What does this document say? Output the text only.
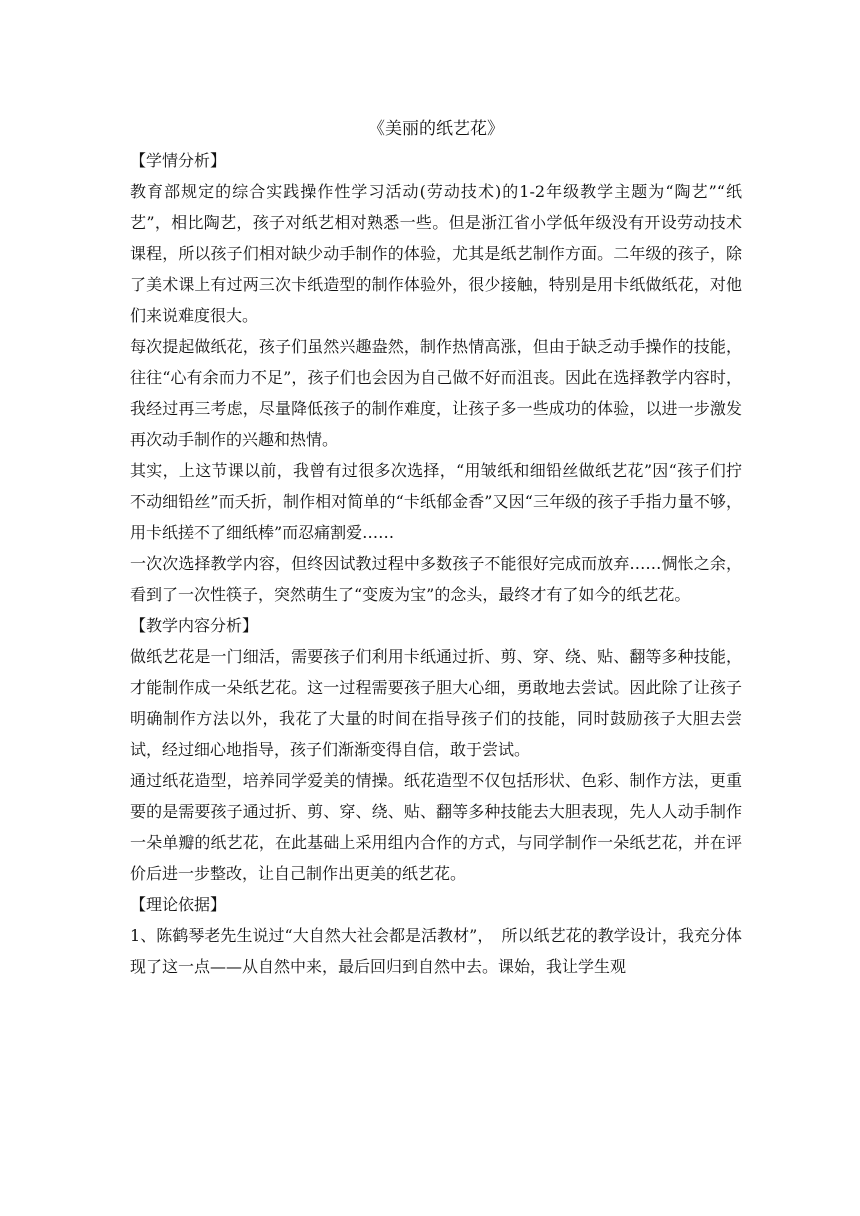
《美丽的纸艺花》

【学情分析】

教育部规定的综合实践操作性学习活动(劳动技术)的1-2年级教学主题为“陶艺”“纸艺”，相比陶艺，孩子对纸艺相对熟悉一些。但是浙江省小学低年级没有开设劳动技术课程，所以孩子们相对缺少动手制作的体验，尤其是纸艺制作方面。二年级的孩子，除了美术课上有过两三次卡纸造型的制作体验外，很少接触，特别是用卡纸做纸花，对他们来说难度很大。

每次提起做纸花，孩子们虽然兴趣盎然，制作热情高涨，但由于缺乏动手操作的技能，往往“心有余而力不足”，孩子们也会因为自己做不好而沮丧。因此在选择教学内容时，我经过再三考虑，尽量降低孩子的制作难度，让孩子多一些成功的体验，以进一步激发再次动手制作的兴趣和热情。

其实，上这节课以前，我曾有过很多次选择，“用皱纸和细铅丝做纸艺花”因“孩子们拧不动细铅丝”而夭折，制作相对简单的“卡纸郁金香”又因“三年级的孩子手指力量不够，用卡纸搓不了细纸棒”而忍痛割爱……

一次次选择教学内容，但终因试教过程中多数孩子不能很好完成而放弃……惆怅之余，看到了一次性筷子，突然萌生了“变废为宝”的念头，最终才有了如今的纸艺花。

【教学内容分析】

做纸艺花是一门细活，需要孩子们利用卡纸通过折、剪、穿、绕、贴、翻等多种技能，才能制作成一朵纸艺花。这一过程需要孩子胆大心细，勇敢地去尝试。因此除了让孩子明确制作方法以外，我花了大量的时间在指导孩子们的技能，同时鼓励孩子大胆去尝试，经过细心地指导，孩子们渐渐变得自信，敢于尝试。

通过纸花造型，培养同学爱美的情操。纸花造型不仅包括形状、色彩、制作方法，更重要的是需要孩子通过折、剪、穿、绕、贴、翻等多种技能去大胆表现，先人人动手制作一朵单瓣的纸艺花，在此基础上采用组内合作的方式，与同学制作一朵纸艺花，并在评价后进一步整改，让自己制作出更美的纸艺花。

【理论依据】

1、陈鹤琴老先生说过“大自然大社会都是活教材”，　所以纸艺花的教学设计，我充分体现了这一点——从自然中来，最后回归到自然中去。课始，我让学生观
